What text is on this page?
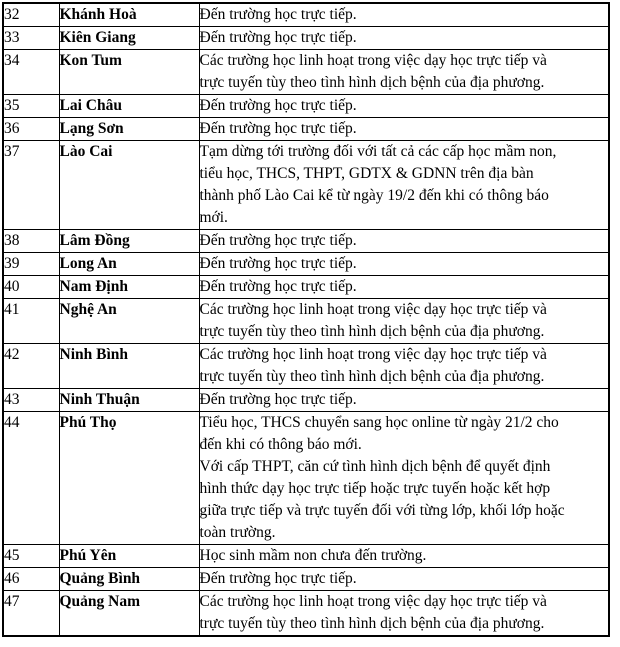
32	Khánh Hoà	Đến trường học trực tiếp.

33	Kiên Giang	Đến trường học trực tiếp.

34	Kon Tum	Các trường học linh hoạt trong việc dạy học trực tiếp và
trực tuyến tùy theo tình hình dịch bệnh của địa phương.

35	Lai Châu	Đến trường học trực tiếp.

36	Lạng Sơn	Đến trường học trực tiếp.

37	Lào Cai	Tạm dừng tới trường đối với tất cả các cấp học mầm non,
tiểu học, THCS, THPT, GDTX & GDNN trên địa bàn
thành phố Lào Cai kể từ ngày 19/2 đến khi có thông báo
mới.

38	Lâm Đồng	Đến trường học trực tiếp.

39	Long An	Đến trường học trực tiếp.

40	Nam Định	Đến trường học trực tiếp.

41	Nghệ An	Các trường học linh hoạt trong việc dạy học trực tiếp và
trực tuyến tùy theo tình hình dịch bệnh của địa phương.

42	Ninh Bình	Các trường học linh hoạt trong việc dạy học trực tiếp và
trực tuyến tùy theo tình hình dịch bệnh của địa phương.

43	Ninh Thuận	Đến trường học trực tiếp.

44	Phú Thọ	Tiểu học, THCS chuyển sang học online từ ngày 21/2 cho
đến khi có thông báo mới.
Với cấp THPT, căn cứ tình hình dịch bệnh để quyết định
hình thức dạy học trực tiếp hoặc trực tuyến hoặc kết hợp
giữa trực tiếp và trực tuyến đối với từng lớp, khối lớp hoặc
toàn trường.

45	Phú Yên	Học sinh mầm non chưa đến trường.

46	Quảng Bình	Đến trường học trực tiếp.

47	Quảng Nam	Các trường học linh hoạt trong việc dạy học trực tiếp và
trực tuyến tùy theo tình hình dịch bệnh của địa phương.
